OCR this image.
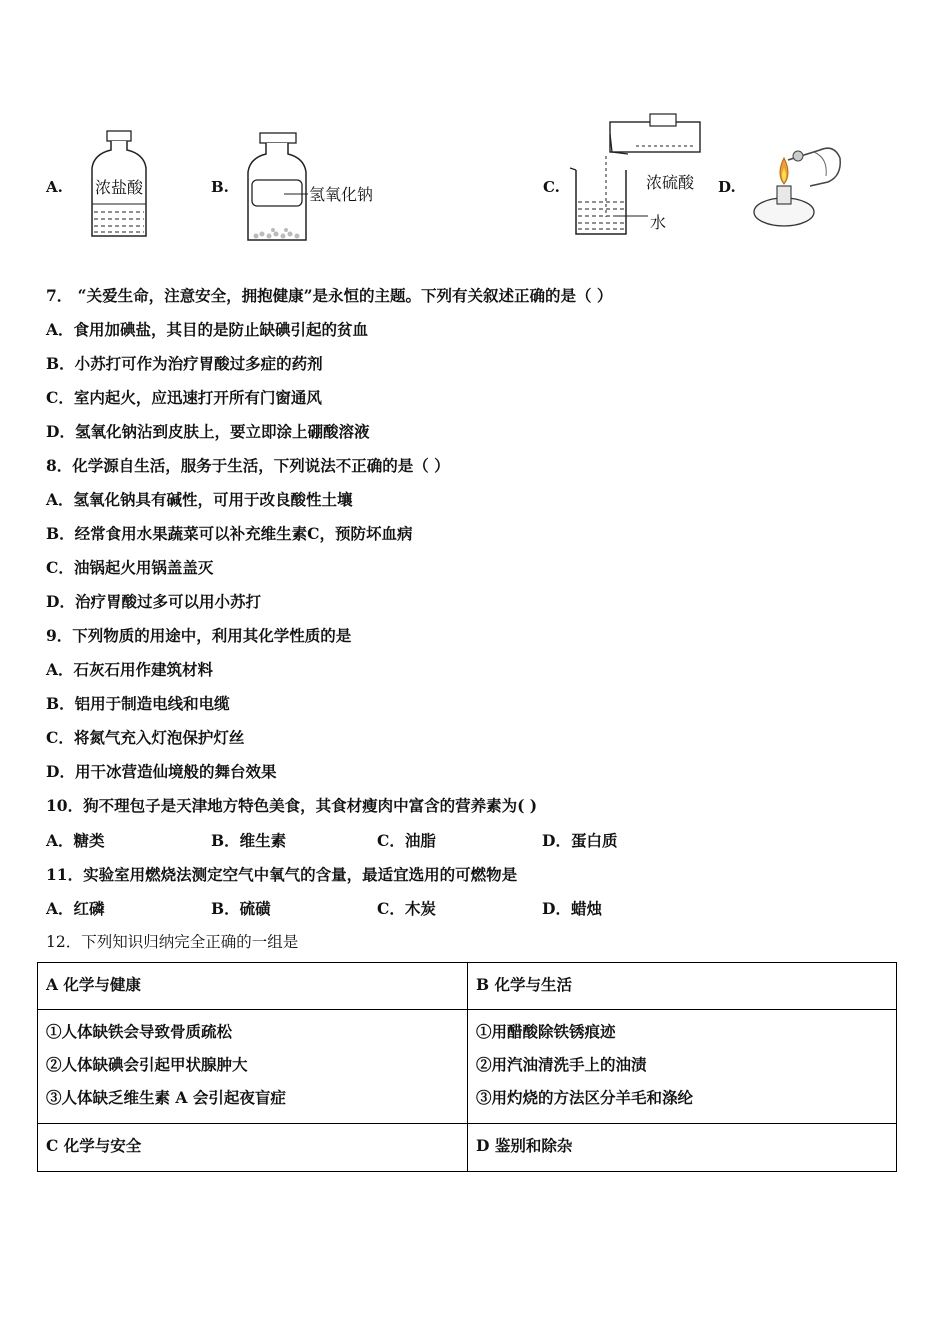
A. 浓盐酸	B.	氢氧化钠	C.	浓硫酸
水
D.
7． “关爱生命，注意安全，拥抱健康”是永恒的主题。下列有关叙述正确的是（ ）
A．食用加碘盐，其目的是防止缺碘引起的贫血
B．小苏打可作为治疗胃酸过多症的药剂
C．室内起火，应迅速打开所有门窗通风
D．氢氧化钠沾到皮肤上，要立即涂上硼酸溶液
8．化学源自生活，服务于生活，下列说法不正确的是（ ）
A．氢氧化钠具有碱性，可用于改良酸性土壤
B．经常食用水果蔬菜可以补充维生素C，预防坏血病
C．油锅起火用锅盖盖灭
D．治疗胃酸过多可以用小苏打
9．下列物质的用途中，利用其化学性质的是
A．石灰石用作建筑材料
B．铝用于制造电线和电缆
C．将氮气充入灯泡保护灯丝
D．用干冰营造仙境般的舞台效果
10．狗不理包子是天津地方特色美食，其食材瘦肉中富含的营养素为( )
A．糖类	B．维生素	C．油脂	D．蛋白质
11．实验室用燃烧法测定空气中氧气的含量，最适宜选用的可燃物是
A．红磷	B．硫磺	C．木炭	D．蜡烛
12．下列知识归纳完全正确的一组是
A 化学与健康	B 化学与生活
①人体缺铁会导致骨质疏松
②人体缺碘会引起甲状腺肿大
③人体缺乏维生素 A 会引起夜盲症
①用醋酸除铁锈痕迹
②用汽油清洗手上的油渍
③用灼烧的方法区分羊毛和涤纶
C 化学与安全	D 鉴别和除杂
